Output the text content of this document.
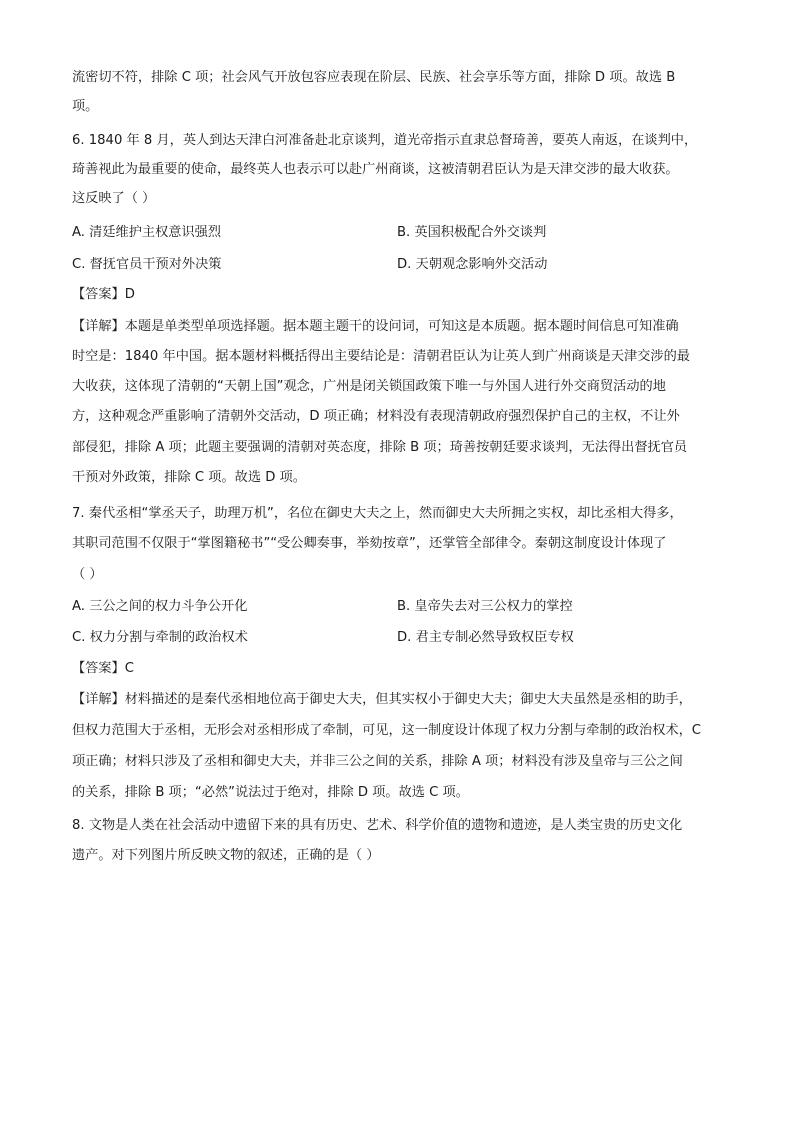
流密切不符，排除 C 项；社会风气开放包容应表现在阶层、民族、社会享乐等方面，排除 D 项。故选 B
项。
6. 1840 年 8 月，英人到达天津白河准备赴北京谈判，道光帝指示直隶总督琦善，要英人南返，在谈判中，
琦善视此为最重要的使命，最终英人也表示可以赴广州商谈，这被清朝君臣认为是天津交涉的最大收获。
这反映了（ ）
A. 清廷维护主权意识强烈	B. 英国积极配合外交谈判
C. 督抚官员干预对外决策	D. 天朝观念影响外交活动
【答案】D
【详解】本题是单类型单项选择题。据本题主题干的设问词，可知这是本质题。据本题时间信息可知准确
时空是：1840 年中国。据本题材料概括得出主要结论是：清朝君臣认为让英人到广州商谈是天津交涉的最
大收获，这体现了清朝的“天朝上国”观念，广州是闭关锁国政策下唯一与外国人进行外交商贸活动的地
方，这种观念严重影响了清朝外交活动，D 项正确；材料没有表现清朝政府强烈保护自己的主权，不让外
部侵犯，排除 A 项；此题主要强调的清朝对英态度，排除 B 项；琦善按朝廷要求谈判，无法得出督抚官员
干预对外政策，排除 C 项。故选 D 项。
7. 秦代丞相“掌丞天子，助理万机”，名位在御史大夫之上，然而御史大夫所拥之实权，却比丞相大得多，
其职司范围不仅限于“掌图籍秘书”“受公卿奏事，举劾按章”，还掌管全部律令。秦朝这制度设计体现了
（ ）
A. 三公之间的权力斗争公开化	B. 皇帝失去对三公权力的掌控
C. 权力分割与牵制的政治权术	D. 君主专制必然导致权臣专权
【答案】C
【详解】材料描述的是秦代丞相地位高于御史大夫，但其实权小于御史大夫；御史大夫虽然是丞相的助手，
但权力范围大于丞相，无形会对丞相形成了牵制，可见，这一制度设计体现了权力分割与牵制的政治权术，C
项正确；材料只涉及了丞相和御史大夫，并非三公之间的关系，排除 A 项；材料没有涉及皇帝与三公之间
的关系，排除 B 项；“必然”说法过于绝对，排除 D 项。故选 C 项。
8. 文物是人类在社会活动中遗留下来的具有历史、艺术、科学价值的遗物和遗迹，是人类宝贵的历史文化
遗产。对下列图片所反映文物的叙述，正确的是（ ）
